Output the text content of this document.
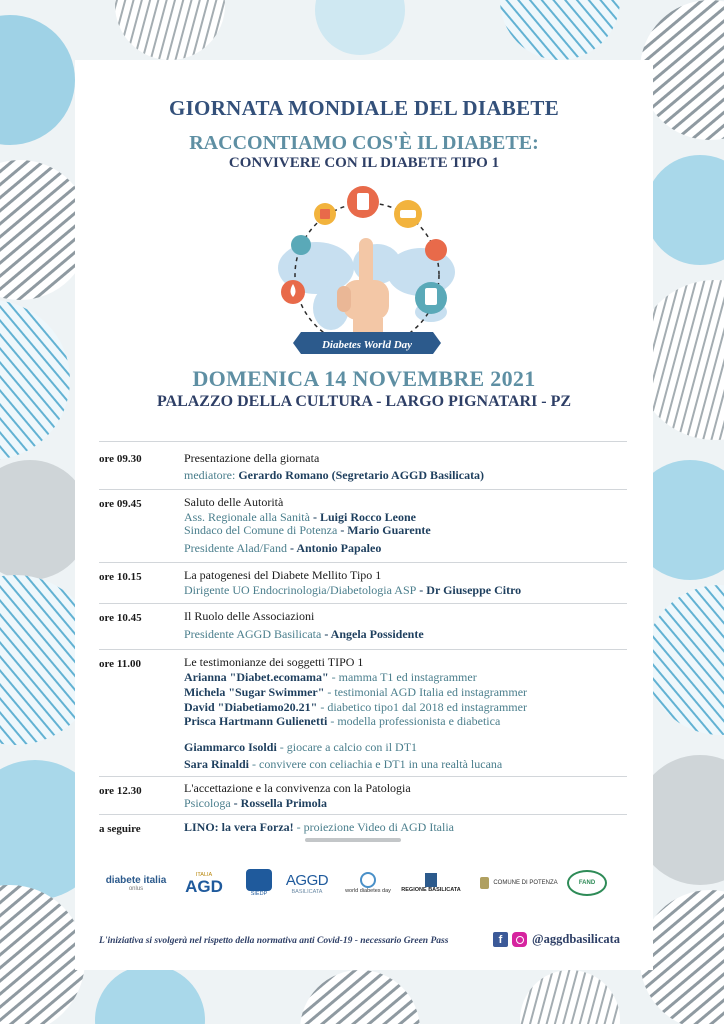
GIORNATA MONDIALE DEL DIABETE
RACCONTIAMO COS'È IL DIABETE:
CONVIVERE CON IL DIABETE TIPO 1
Diabetes World Day
DOMENICA 14 NOVEMBRE 2021
PALAZZO DELLA CULTURA - LARGO PIGNATARI - PZ
ore 09.30	Presentazione della giornata
mediatore: Gerardo Romano (Segretario AGGD Basilicata)
ore 09.45	Saluto delle Autorità
Ass. Regionale alla Sanità - Luigi Rocco Leone
Sindaco del Comune di Potenza - Mario Guarente
Presidente Alad/Fand - Antonio Papaleo
ore 10.15	La patogenesi del Diabete Mellito Tipo 1
Dirigente UO Endocrinologia/Diabetologia ASP - Dr Giuseppe Citro
ore 10.45	Il Ruolo delle Associazioni
Presidente AGGD Basilicata - Angela Possidente
ore 11.00	Le testimonianze dei soggetti TIPO 1
Arianna "Diabet.ecomama" - mamma T1 ed instagrammer
Michela "Sugar Swimmer" - testimonial AGD Italia ed instagrammer
David "Diabetiamo20.21" - diabetico tipo1 dal 2018 ed instagrammer
Prisca Hartmann Gulienetti - modella professionista e diabetica
Giammarco Isoldi - giocare a calcio con il DT1
Sara Rinaldi - convivere con celiachia e DT1 in una realtà lucana
ore 12.30	L'accettazione e la convivenza con la Patologia
Psicologa - Rossella Primola
a seguire	LINO: la vera Forza! - proiezione Video di AGD Italia
diabete italia
onlus
ITALIA
AGD	SIEDP
AGGD
BASILICATA	world diabetes day REGIONE BASILICATA
COMUNE DI POTENZA	FAND
L'iniziativa si svolgerà nel rispetto della normativa anti Covid-19 - necessario Green Pass	f	@aggdbasilicata
